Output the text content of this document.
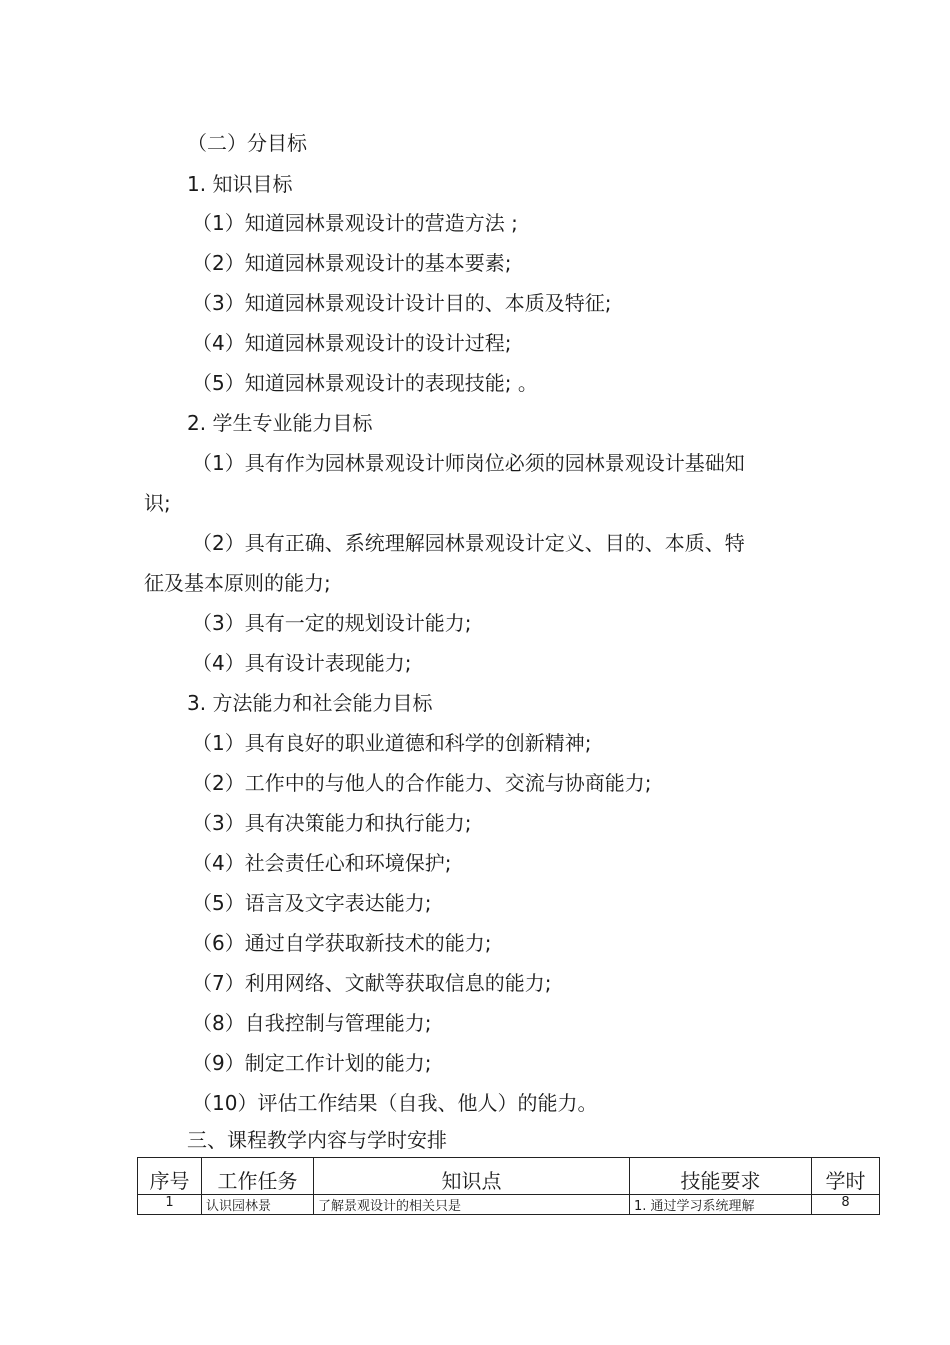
（二）分目标
1. 知识目标
（1）知道园林景观设计的营造方法 ;
（2）知道园林景观设计的基本要素;
（3）知道园林景观设计设计目的、本质及特征;
（4）知道园林景观设计的设计过程;
（5）知道园林景观设计的表现技能; 。
2. 学生专业能力目标
（1）具有作为园林景观设计师岗位必须的园林景观设计基础知
识;
（2）具有正确、系统理解园林景观设计定义、目的、本质、特
征及基本原则的能力;
（3）具有一定的规划设计能力;
（4）具有设计表现能力;
3. 方法能力和社会能力目标
（1）具有良好的职业道德和科学的创新精神;
（2）工作中的与他人的合作能力、交流与协商能力;
（3）具有决策能力和执行能力;
（4）社会责任心和环境保护;
（5）语言及文字表达能力;
（6）通过自学获取新技术的能力;
（7）利用网络、文献等获取信息的能力;
（8）自我控制与管理能力;
（9）制定工作计划的能力;
（10）评估工作结果（自我、他人）的能力。
三、课程教学内容与学时安排
序号	工作任务	知识点	技能要求	学时
1	认识园林景	了解景观设计的相关只是	1. 通过学习系统理解	8
